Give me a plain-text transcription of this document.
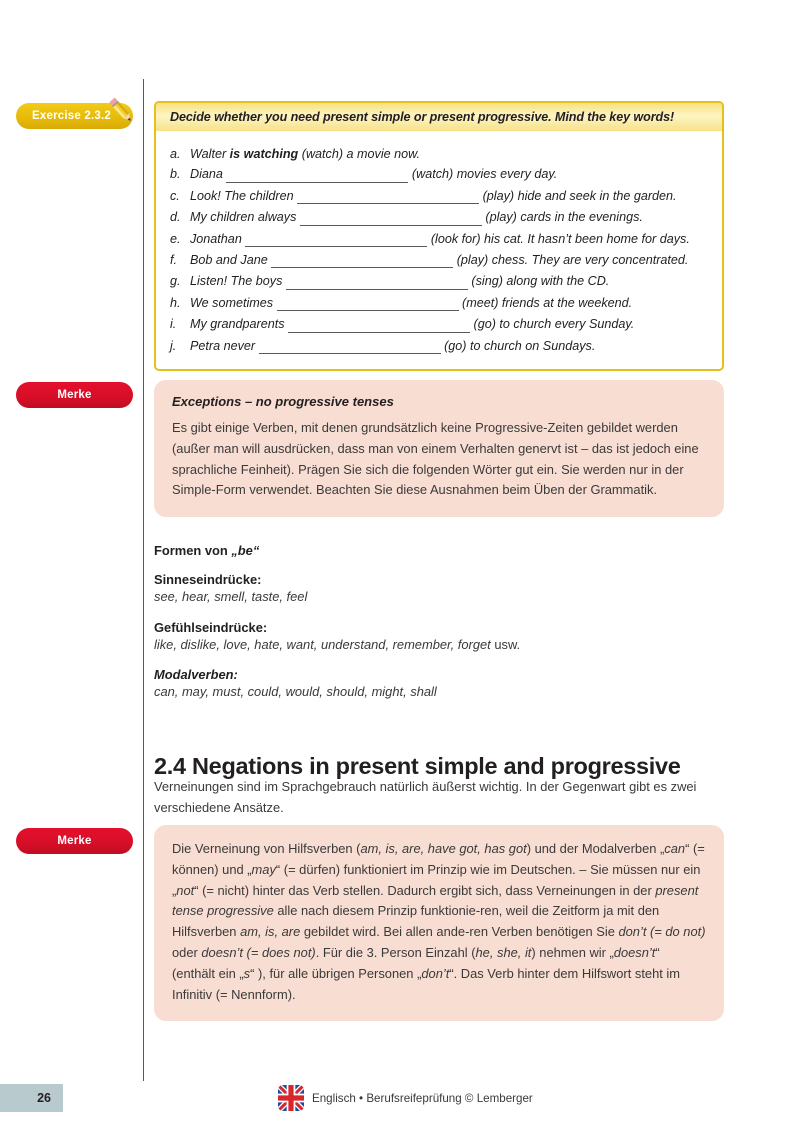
A | 2 Present Tenses
Exercise 2.3.2
Merke
Merke
Decide whether you need present simple or present progressive. Mind the key words!
a. Walter is watching (watch) a movie now.
b. Diana	(watch) movies every day.
c. Look! The children	(play) hide and seek in the garden.
d. My children always	(play) cards in the evenings.
e. Jonathan	(look for) his cat. It hasn’t been home for days.
f.	Bob and Jane	(play) chess. They are very concentrated.
g. Listen! The boys	(sing) along with the CD.
h. We sometimes	(meet) friends at the weekend.
i.	My grandparents	(go) to church every Sunday.
j.	Petra never	(go) to church on Sundays.
Exceptions – no progressive tenses
Es gibt einige Verben, mit denen grundsätzlich keine Progressive-Zeiten gebildet werden (außer man will ausdrücken, dass man von einem Verhalten genervt ist – das ist jedoch eine sprachliche Feinheit). Prägen Sie sich die folgenden Wörter gut ein. Sie werden nur in der Simple-Form verwendet. Beachten Sie diese Ausnahmen beim Üben der Grammatik.
Formen von „be“
Sinneseindrücke:
see, hear, smell, taste, feel
Gefühlseindrücke:
like, dislike, love, hate, want, understand, remember, forget usw.
Modalverben:
can, may, must, could, would, should, might, shall
2.4 Negations in present simple and progressive
Verneinungen sind im Sprachgebrauch natürlich äußerst wichtig. In der Gegenwart gibt es zwei verschiedene Ansätze.
Die Verneinung von Hilfsverben (am, is, are, have got, has got) und der Modalverben „can“ (= können) und „may“ (= dürfen) funktioniert im Prinzip wie im Deutschen. – Sie müssen nur ein „not“ (= nicht) hinter das Verb stellen. Dadurch ergibt sich, dass Verneinungen in der present tense progressive alle nach diesem Prinzip funktionie-ren, weil die Zeitform ja mit den Hilfsverben am, is, are gebildet wird. Bei allen ande-ren Verben benötigen Sie don’t (= do not) oder doesn’t (= does not). Für die 3. Person Einzahl (he, she, it) nehmen wir „doesn’t“ (enthält ein „s“ ), für alle übrigen Personen „don’t“. Das Verb hinter dem Hilfswort steht im Infinitiv (= Nennform).
26	Englisch • Berufsreifeprüfung © Lemberger
